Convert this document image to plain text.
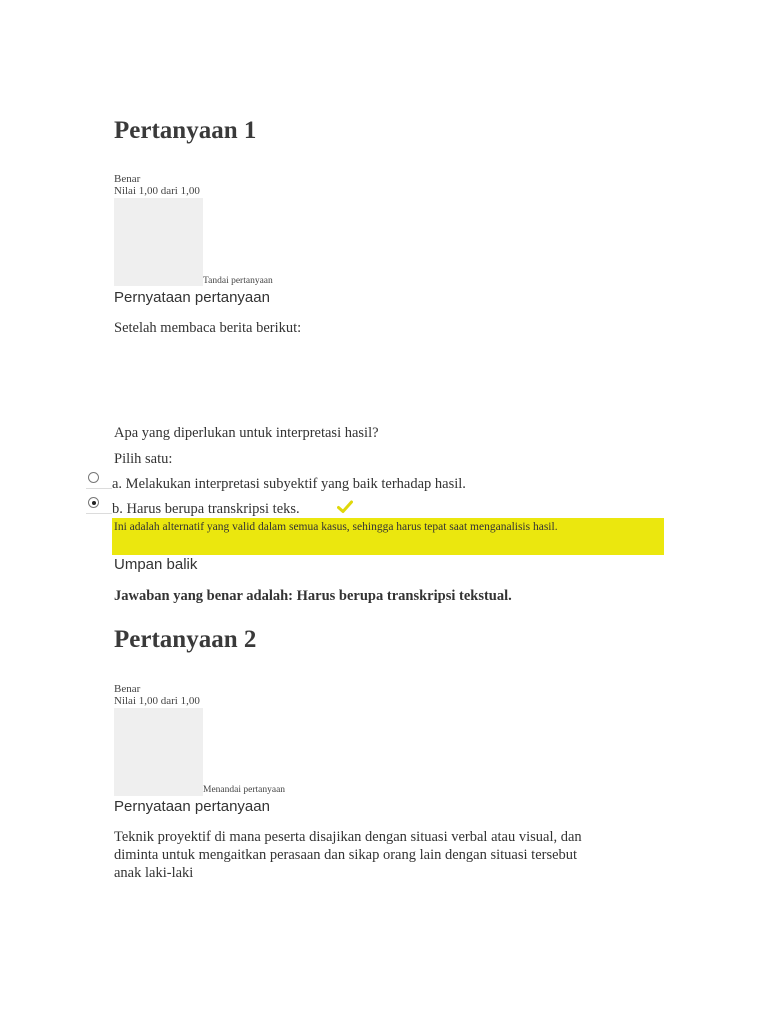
Pertanyaan 1
Benar
Nilai 1,00 dari 1,00
Tandai pertanyaan
Pernyataan pertanyaan
Setelah membaca berita berikut:
Apa yang diperlukan untuk interpretasi hasil?
Pilih satu:
a. Melakukan interpretasi subyektif yang baik terhadap hasil.
b. Harus berupa transkripsi teks.
Ini adalah alternatif yang valid dalam semua kasus, sehingga harus tepat saat menganalisis hasil.
Umpan balik
Jawaban yang benar adalah: Harus berupa transkripsi tekstual.
Pertanyaan 2
Benar
Nilai 1,00 dari 1,00
Menandai pertanyaan
Pernyataan pertanyaan
Teknik proyektif di mana peserta disajikan dengan situasi verbal atau visual, dan diminta untuk mengaitkan perasaan dan sikap orang lain dengan situasi tersebut
anak laki-laki
